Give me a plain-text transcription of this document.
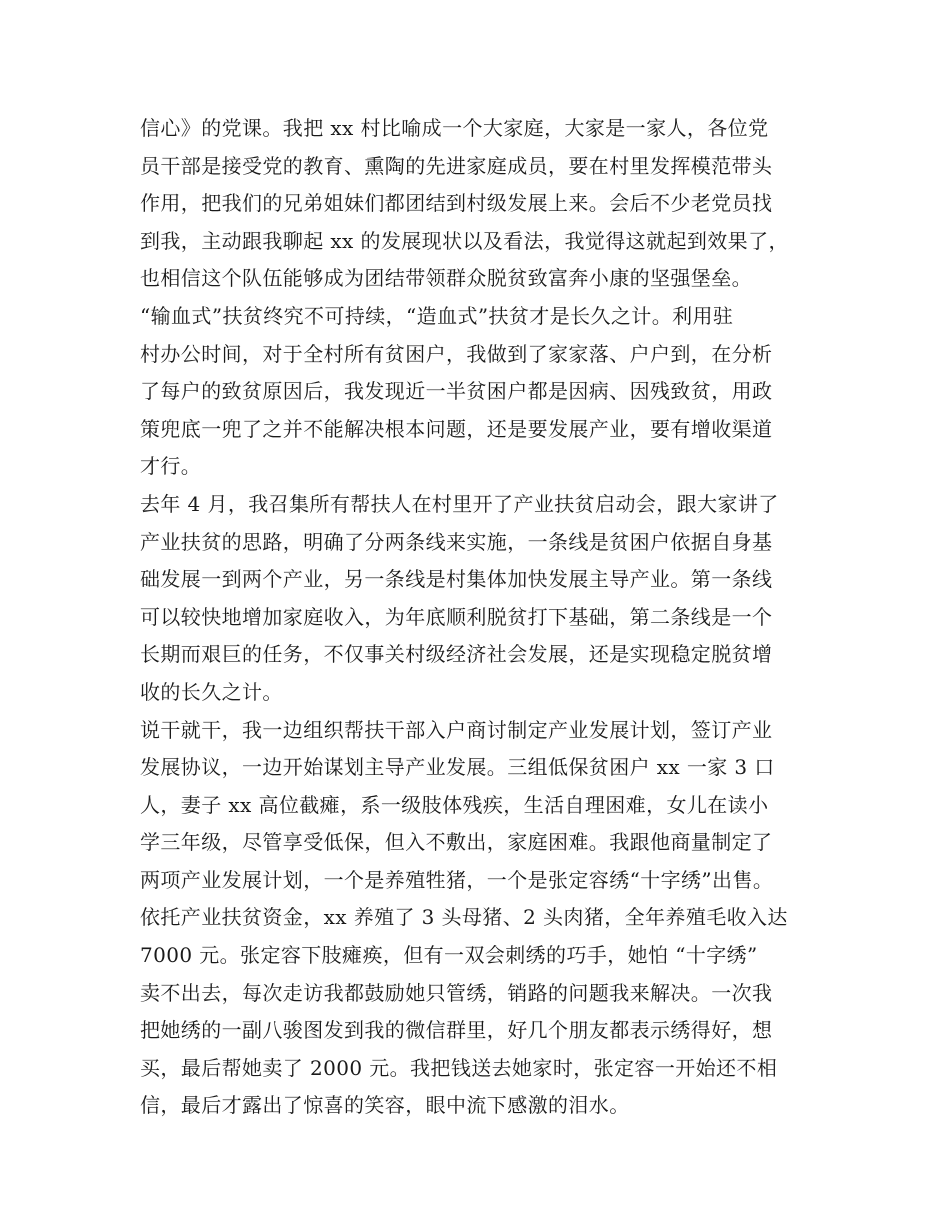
信心》的党课。我把 xx 村比喻成一个大家庭，大家是一家人，各位党
员干部是接受党的教育、熏陶的先进家庭成员，要在村里发挥模范带头
作用，把我们的兄弟姐妹们都团结到村级发展上来。会后不少老党员找
到我，主动跟我聊起 xx 的发展现状以及看法，我觉得这就起到效果了，
也相信这个队伍能够成为团结带领群众脱贫致富奔小康的坚强堡垒。
“输血式”扶贫终究不可持续，“造血式”扶贫才是长久之计。利用驻
村办公时间，对于全村所有贫困户，我做到了家家落、户户到，在分析
了每户的致贫原因后，我发现近一半贫困户都是因病、因残致贫，用政
策兜底一兜了之并不能解决根本问题，还是要发展产业，要有增收渠道
才行。
去年 4 月，我召集所有帮扶人在村里开了产业扶贫启动会，跟大家讲了
产业扶贫的思路，明确了分两条线来实施，一条线是贫困户依据自身基
础发展一到两个产业，另一条线是村集体加快发展主导产业。第一条线
可以较快地增加家庭收入，为年底顺利脱贫打下基础，第二条线是一个
长期而艰巨的任务，不仅事关村级经济社会发展，还是实现稳定脱贫增
收的长久之计。
说干就干，我一边组织帮扶干部入户商讨制定产业发展计划，签订产业
发展协议，一边开始谋划主导产业发展。三组低保贫困户 xx 一家 3 口
人，妻子 xx 高位截瘫，系一级肢体残疾，生活自理困难，女儿在读小
学三年级，尽管享受低保，但入不敷出，家庭困难。我跟他商量制定了
两项产业发展计划，一个是养殖牲猪，一个是张定容绣“十字绣”出售。
依托产业扶贫资金，xx 养殖了 3 头母猪、2 头肉猪，全年养殖毛收入达
7000 元。张定容下肢瘫痪，但有一双会刺绣的巧手，她怕 “十字绣”
卖不出去，每次走访我都鼓励她只管绣，销路的问题我来解决。一次我
把她绣的一副八骏图发到我的微信群里，好几个朋友都表示绣得好，想
买，最后帮她卖了 2000 元。我把钱送去她家时，张定容一开始还不相
信，最后才露出了惊喜的笑容，眼中流下感激的泪水。
